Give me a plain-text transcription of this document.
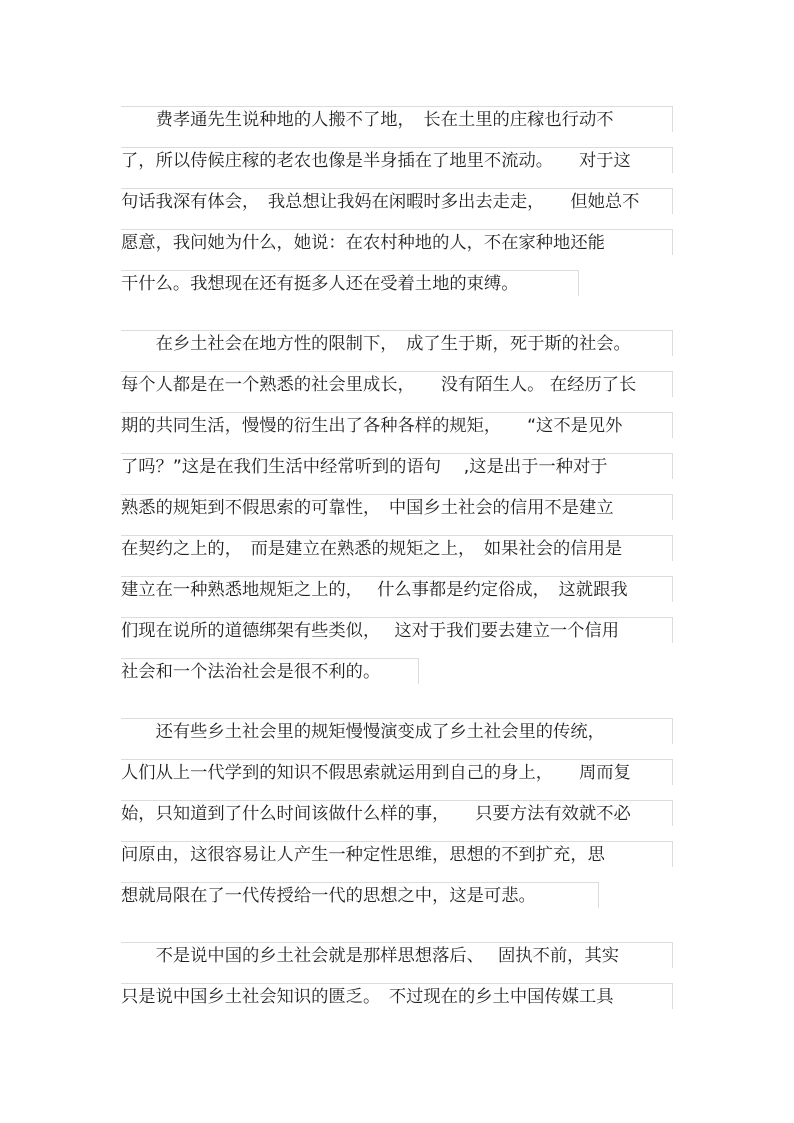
　　费孝通先生说种地的人搬不了地，　长在土里的庄稼也行动不
了，所以侍候庄稼的老农也像是半身插在了地里不流动。　　对于这
句话我深有体会，　我总想让我妈在闲暇时多出去走走，　　但她总不
愿意，我问她为什么，她说：在农村种地的人，不在家种地还能
干什么。我想现在还有挺多人还在受着土地的束缚。
　　在乡土社会在地方性的限制下，　成了生于斯，死于斯的社会。
每个人都是在一个熟悉的社会里成长，　　没有陌生人。 在经历了长
期的共同生活，慢慢的衍生出了各种各样的规矩，　　“这不是见外
了吗？”这是在我们生活中经常听到的语句　 ,这是出于一种对于
熟悉的规矩到不假思索的可靠性，　中国乡土社会的信用不是建立
在契约之上的，　而是建立在熟悉的规矩之上，　如果社会的信用是
建立在一种熟悉地规矩之上的，　 什么事都是约定俗成，　这就跟我
们现在说所的道德绑架有些类似，　 这对于我们要去建立一个信用
社会和一个法治社会是很不利的。
　　还有些乡土社会里的规矩慢慢演变成了乡土社会里的传统，
人们从上一代学到的知识不假思索就运用到自己的身上，　　周而复
始，只知道到了什么时间该做什么样的事，　　只要方法有效就不必
问原由，这很容易让人产生一种定性思维，思想的不到扩充，思
想就局限在了一代传授给一代的思想之中，这是可悲。
　　不是说中国的乡土社会就是那样思想落后、　 固执不前，其实
只是说中国乡土社会知识的匮乏。　不过现在的乡土中国传媒工具
